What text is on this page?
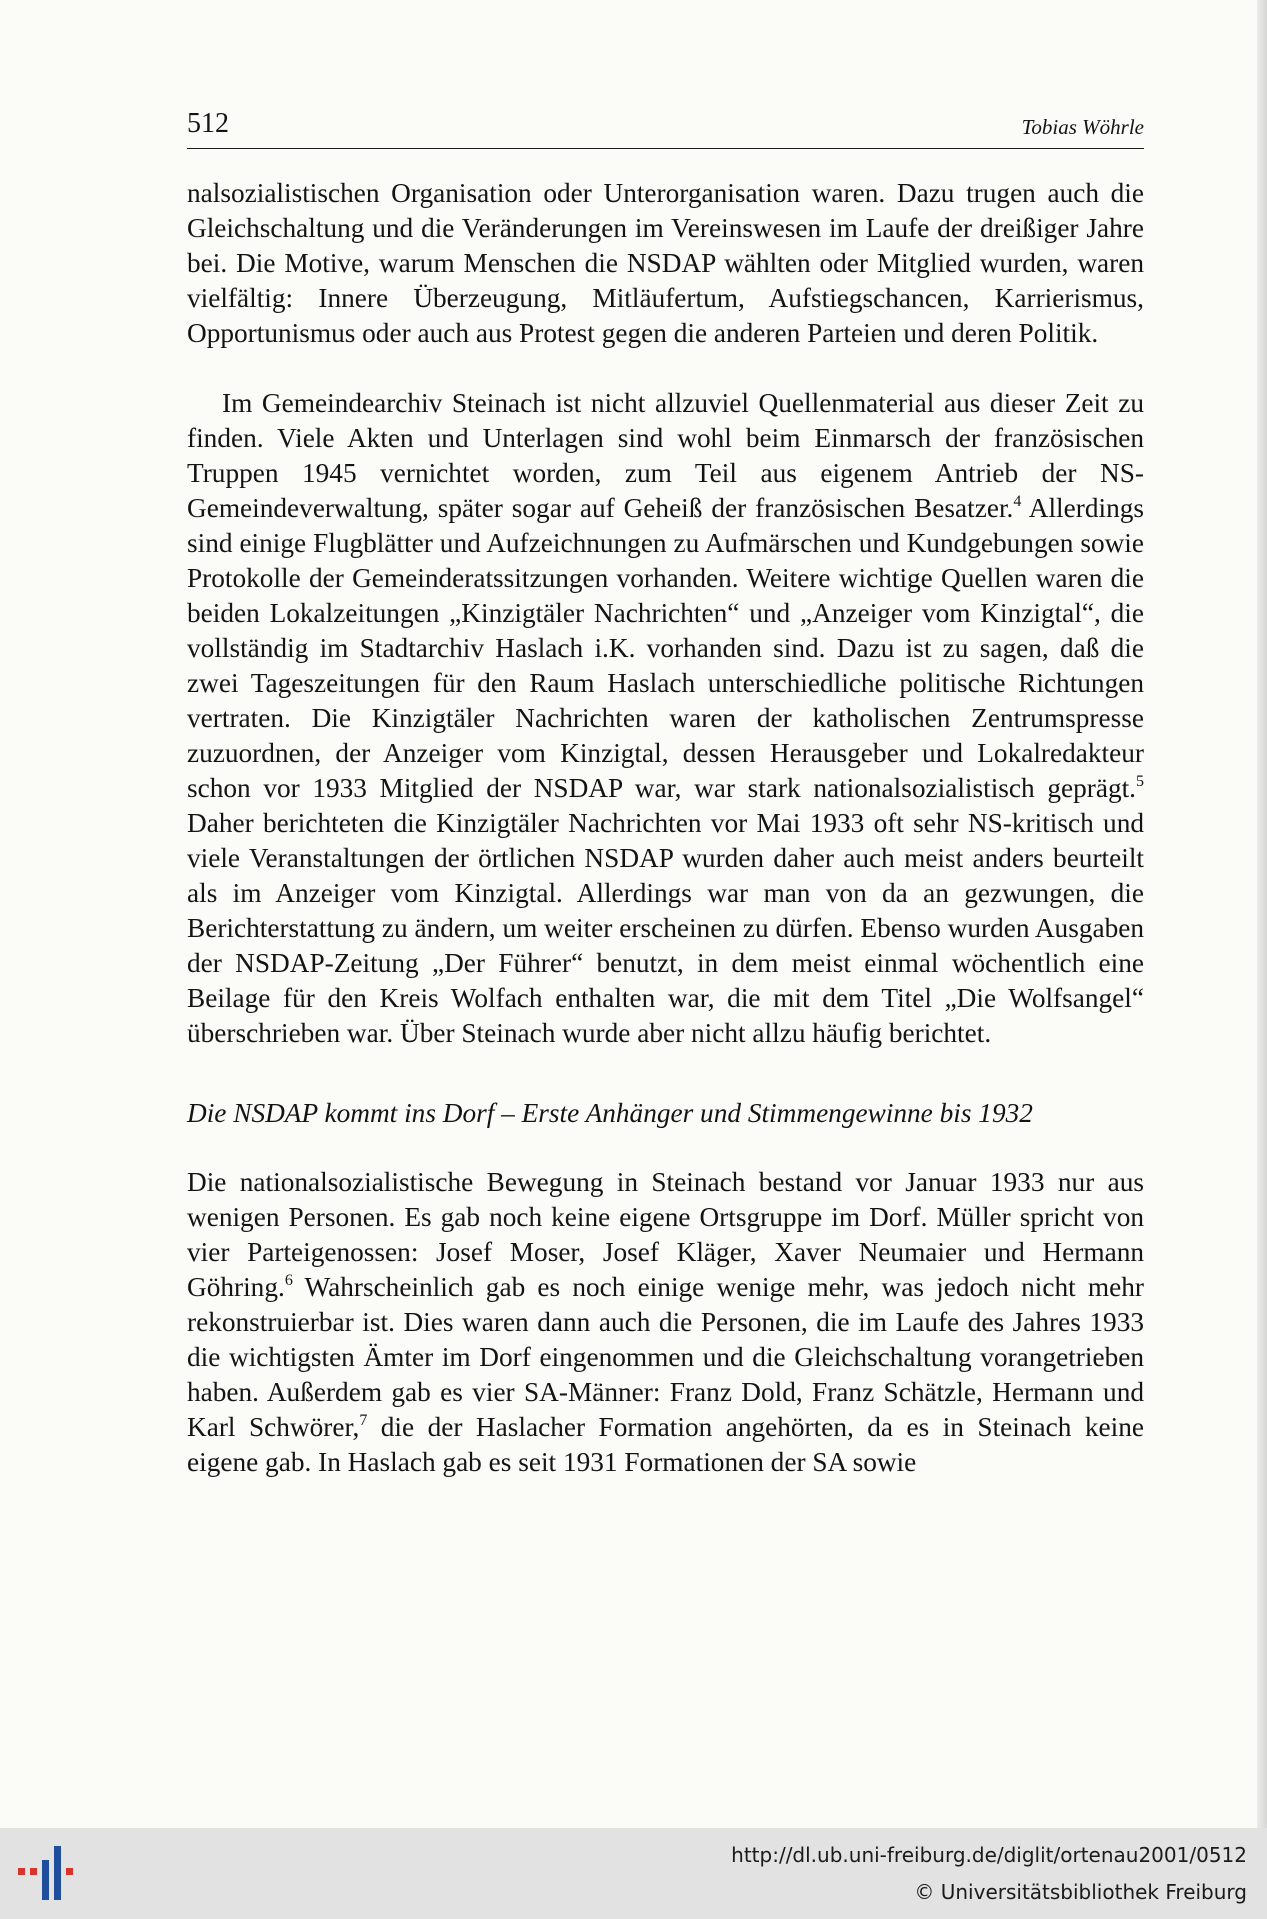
512	Tobias Wöhrle

nalsozialistischen Organisation oder Unterorganisation waren. Dazu trugen auch die Gleichschaltung und die Veränderungen im Vereinswesen im Laufe der dreißiger Jahre bei. Die Motive, warum Menschen die NSDAP wählten oder Mitglied wurden, waren vielfältig: Innere Überzeugung, Mitläufertum, Aufstiegschancen, Karrierismus, Opportunismus oder auch aus Protest gegen die anderen Parteien und deren Politik.

Im Gemeindearchiv Steinach ist nicht allzuviel Quellenmaterial aus dieser Zeit zu finden. Viele Akten und Unterlagen sind wohl beim Einmarsch der französischen Truppen 1945 vernichtet worden, zum Teil aus eigenem Antrieb der NS-Gemeindeverwaltung, später sogar auf Geheiß der französischen Besatzer.$^4$ Allerdings sind einige Flugblätter und Aufzeichnungen zu Aufmärschen und Kundgebungen sowie Protokolle der Gemeinderatssitzungen vorhanden. Weitere wichtige Quellen waren die beiden Lokalzeitungen „Kinzigtäler Nachrichten“ und „Anzeiger vom Kinzigtal“, die vollständig im Stadtarchiv Haslach i.K. vorhanden sind. Dazu ist zu sagen, daß die zwei Tageszeitungen für den Raum Haslach unterschiedliche politische Richtungen vertraten. Die Kinzigtäler Nachrichten waren der katholischen Zentrumspresse zuzuordnen, der Anzeiger vom Kinzigtal, dessen Herausgeber und Lokalredakteur schon vor 1933 Mitglied der NSDAP war, war stark nationalsozialistisch geprägt.$^5$ Daher berichteten die Kinzigtäler Nachrichten vor Mai 1933 oft sehr NS-kritisch und viele Veranstaltungen der örtlichen NSDAP wurden daher auch meist anders beurteilt als im Anzeiger vom Kinzigtal. Allerdings war man von da an gezwungen, die Berichterstattung zu ändern, um weiter erscheinen zu dürfen. Ebenso wurden Ausgaben der NSDAP-Zeitung „Der Führer“ benutzt, in dem meist einmal wöchentlich eine Beilage für den Kreis Wolfach enthalten war, die mit dem Titel „Die Wolfsangel“ überschrieben war. Über Steinach wurde aber nicht allzu häufig berichtet.

Die NSDAP kommt ins Dorf – Erste Anhänger und Stimmengewinne bis 1932

Die nationalsozialistische Bewegung in Steinach bestand vor Januar 1933 nur aus wenigen Personen. Es gab noch keine eigene Ortsgruppe im Dorf. Müller spricht von vier Parteigenossen: Josef Moser, Josef Kläger, Xaver Neumaier und Hermann Göhring.$^6$ Wahrscheinlich gab es noch einige wenige mehr, was jedoch nicht mehr rekonstruierbar ist. Dies waren dann auch die Personen, die im Laufe des Jahres 1933 die wichtigsten Ämter im Dorf eingenommen und die Gleichschaltung vorangetrieben haben. Außerdem gab es vier SA-Männer: Franz Dold, Franz Schätzle, Hermann und Karl Schwörer,$^7$ die der Haslacher Formation angehörten, da es in Steinach keine eigene gab. In Haslach gab es seit 1931 Formationen der SA sowie

http://dl.ub.uni-freiburg.de/diglit/ortenau2001/0512
© Universitätsbibliothek Freiburg
